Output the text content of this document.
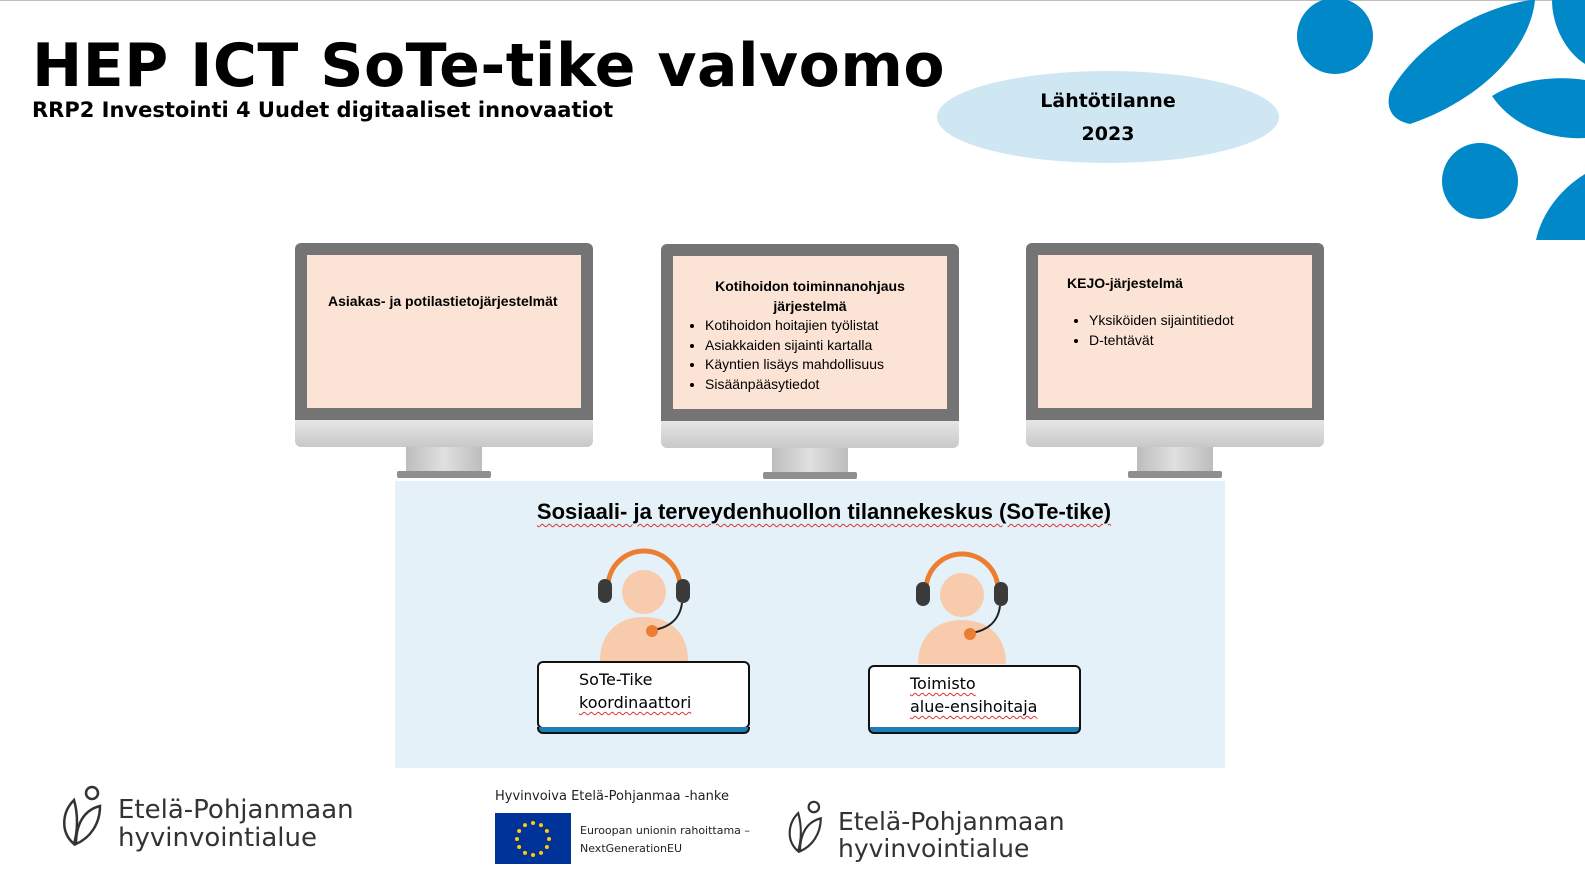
HEP ICT SoTe-tike valvomo
RRP2 Investointi 4 Uudet digitaaliset innovaatiot	Lähtötilanne
2023
Asiakas- ja potilastietojärjestelmät
Kotihoidon toiminnanohjaus
järjestelmä
• Kotihoidon hoitajien työlistat
• Asiakkaiden sijainti kartalla
• Käyntien lisäys mahdollisuus
• Sisäänpääsytiedot
KEJO-järjestelmä
• Yksiköiden sijaintitiedot
• D-tehtävät
Sosiaali- ja terveydenhuollon tilannekeskus (SoTe-tike)
SoTe-Tike
koordinaattori
Toimisto
alue-ensihoitaja
Etelä-Pohjanmaan
hyvinvointialue
Hyvinvoiva Etelä-Pohjanmaa -hanke
Euroopan unionin rahoittama –
NextGenerationEU
Etelä-Pohjanmaan
hyvinvointialue
